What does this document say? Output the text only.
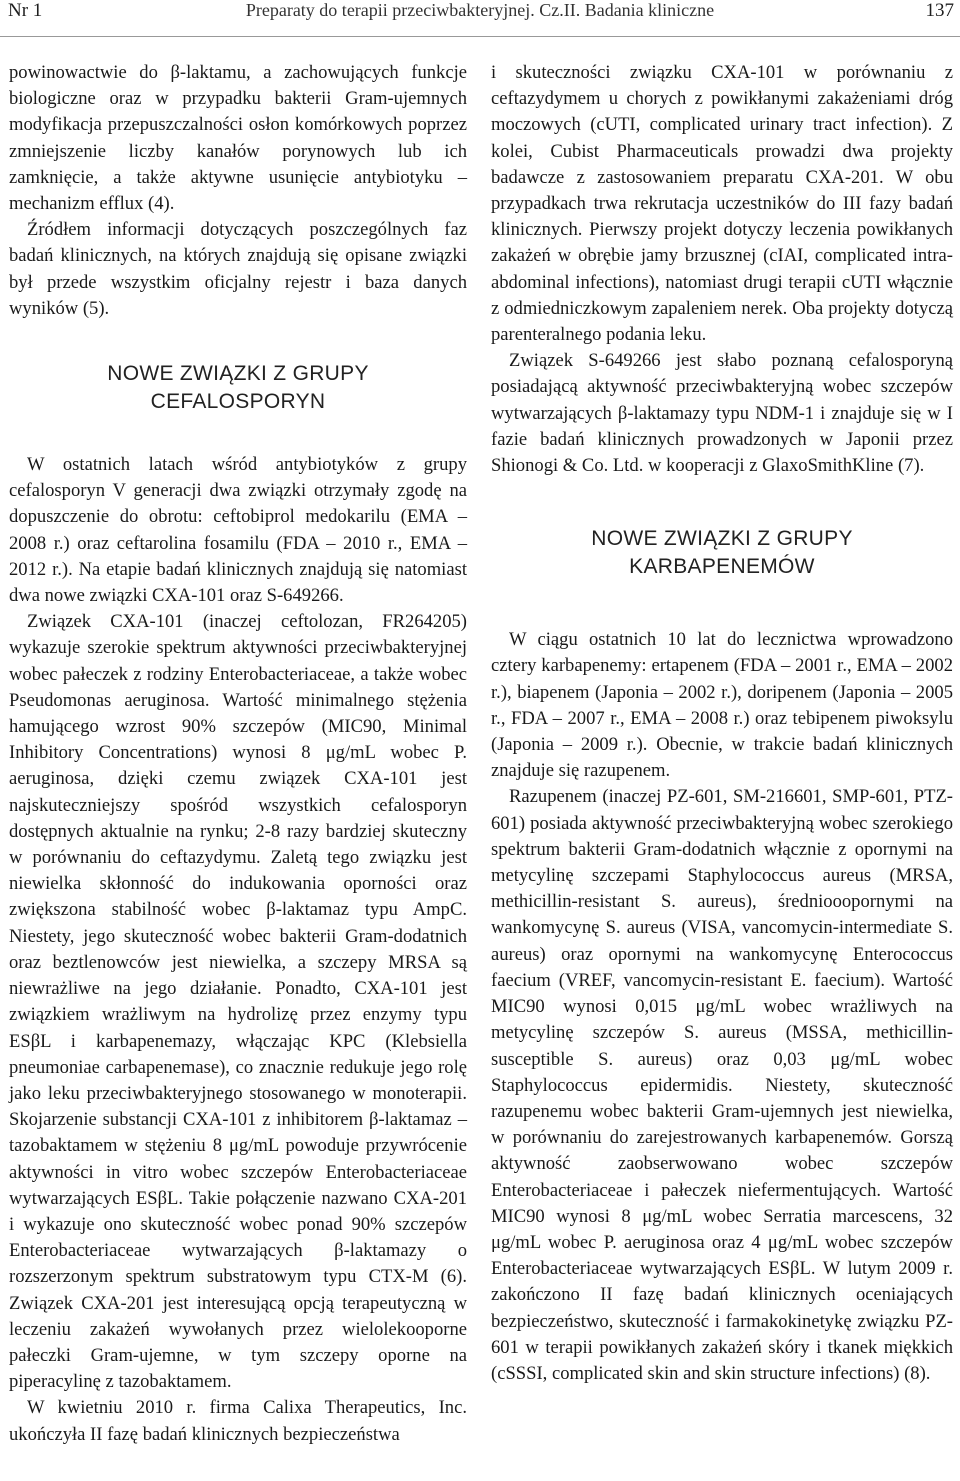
Nr 1	Preparaty do terapii przeciwbakteryjnej. Cz.II. Badania kliniczne	137

powinowactwie do β-laktamu, a zachowujących funkcje biologiczne oraz w przypadku bakterii Gram-ujemnych modyfikacja przepuszczalności osłon komórkowych poprzez zmniejszenie liczby kanałów porynowych lub ich zamknięcie, a także aktywne usunięcie antybiotyku – mechanizm efflux (4).

Źródłem informacji dotyczących poszczególnych faz badań klinicznych, na których znajdują się opisane związki był przede wszystkim oficjalny rejestr i baza danych wyników (5).

NOWE ZWIĄZKI Z GRUPY
CEFALOSPORYN

W ostatnich latach wśród antybiotyków z grupy cefalosporyn V generacji dwa związki otrzymały zgodę na dopuszczenie do obrotu: ceftobiprol medokarilu (EMA – 2008 r.) oraz ceftarolina fosamilu (FDA – 2010 r., EMA – 2012 r.). Na etapie badań klinicznych znajdują się natomiast dwa nowe związki CXA-101 oraz S-649266.

Związek CXA-101 (inaczej ceftolozan, FR264205) wykazuje szerokie spektrum aktywności przeciwbakteryjnej wobec pałeczek z rodziny Enterobacteriaceae, a także wobec Pseudomonas aeruginosa. Wartość minimalnego stężenia hamującego wzrost 90% szczepów (MIC90, Minimal Inhibitory Concentrations) wynosi 8 μg/mL wobec P. aeruginosa, dzięki czemu związek CXA-101 jest najskuteczniejszy spośród wszystkich cefalosporyn dostępnych aktualnie na rynku; 2-8 razy bardziej skuteczny w porównaniu do ceftazydymu. Zaletą tego związku jest niewielka skłonność do indukowania oporności oraz zwiększona stabilność wobec β-laktamaz typu AmpC. Niestety, jego skuteczność wobec bakterii Gram-dodatnich oraz beztlenowców jest niewielka, a szczepy MRSA są niewrażliwe na jego działanie. Ponadto, CXA-101 jest związkiem wrażliwym na hydrolizę przez enzymy typu ESβL i karbapenemazy, włączając KPC (Klebsiella pneumoniae carbapenemase), co znacznie redukuje jego rolę jako leku przeciwbakteryjnego stosowanego w monoterapii. Skojarzenie substancji CXA-101 z inhibitorem β-laktamaz – tazobaktamem w stężeniu 8 μg/mL powoduje przywrócenie aktywności in vitro wobec szczepów Enterobacteriaceae wytwarzających ESβL. Takie połączenie nazwano CXA-201 i wykazuje ono skuteczność wobec ponad 90% szczepów Enterobacteriaceae wytwarzających β-laktamazy o rozszerzonym spektrum substratowym typu CTX-M (6). Związek CXA-201 jest interesującą opcją terapeutyczną w leczeniu zakażeń wywołanych przez wielolekooporne pałeczki Gram-ujemne, w tym szczepy oporne na piperacylinę z tazobaktamem.

W kwietniu 2010 r. firma Calixa Therapeutics, Inc. ukończyła II fazę badań klinicznych bezpieczeństwa

i skuteczności związku CXA-101 w porównaniu z ceftazydymem u chorych z powikłanymi zakażeniami dróg moczowych (cUTI, complicated urinary tract infection). Z kolei, Cubist Pharmaceuticals prowadzi dwa projekty badawcze z zastosowaniem preparatu CXA-201. W obu przypadkach trwa rekrutacja uczestników do III fazy badań klinicznych. Pierwszy projekt dotyczy leczenia powikłanych zakażeń w obrębie jamy brzusznej (cIAI, complicated intra-abdominal infections), natomiast drugi terapii cUTI włącznie z odmiedniczkowym zapaleniem nerek. Oba projekty dotyczą parenteralnego podania leku.

Związek S-649266 jest słabo poznaną cefalosporyną posiadającą aktywność przeciwbakteryjną wobec szczepów wytwarzających β-laktamazy typu NDM-1 i znajduje się w I fazie badań klinicznych prowadzonych w Japonii przez Shionogi & Co. Ltd. w kooperacji z GlaxoSmithKline (7).

NOWE ZWIĄZKI Z GRUPY
KARBAPENEMÓW

W ciągu ostatnich 10 lat do lecznictwa wprowadzono cztery karbapenemy: ertapenem (FDA – 2001 r., EMA – 2002 r.), biapenem (Japonia – 2002 r.), doripenem (Japonia – 2005 r., FDA – 2007 r., EMA – 2008 r.) oraz tebipenem piwoksylu (Japonia – 2009 r.). Obecnie, w trakcie badań klinicznych znajduje się razupenem.

Razupenem (inaczej PZ-601, SM-216601, SMP-601, PTZ-601) posiada aktywność przeciwbakteryjną wobec szerokiego spektrum bakterii Gram-dodatnich włącznie z opornymi na metycylinę szczepami Staphylococcus aureus (MRSA, methicillin-resistant S. aureus), średniooopornymi na wankomycynę S. aureus (VISA, vancomycin-intermediate S. aureus) oraz opornymi na wankomycynę Enterococcus faecium (VREF, vancomycin-resistant E. faecium). Wartość MIC90 wynosi 0,015 μg/mL wobec wrażliwych na metycylinę szczepów S. aureus (MSSA, methicillin-susceptible S. aureus) oraz 0,03 μg/mL wobec Staphylococcus epidermidis. Niestety, skuteczność razupenemu wobec bakterii Gram-ujemnych jest niewielka, w porównaniu do zarejestrowanych karbapenemów. Gorszą aktywność zaobserwowano wobec szczepów Enterobacteriaceae i pałeczek niefermentujących. Wartość MIC90 wynosi 8 μg/mL wobec Serratia marcescens, 32 μg/mL wobec P. aeruginosa oraz 4 μg/mL wobec szczepów Enterobacteriaceae wytwarzających ESβL. W lutym 2009 r. zakończono II fazę badań klinicznych oceniających bezpieczeństwo, skuteczność i farmakokinetykę związku PZ-601 w terapii powikłanych zakażeń skóry i tkanek miękkich (cSSSI, complicated skin and skin structure infections) (8).
